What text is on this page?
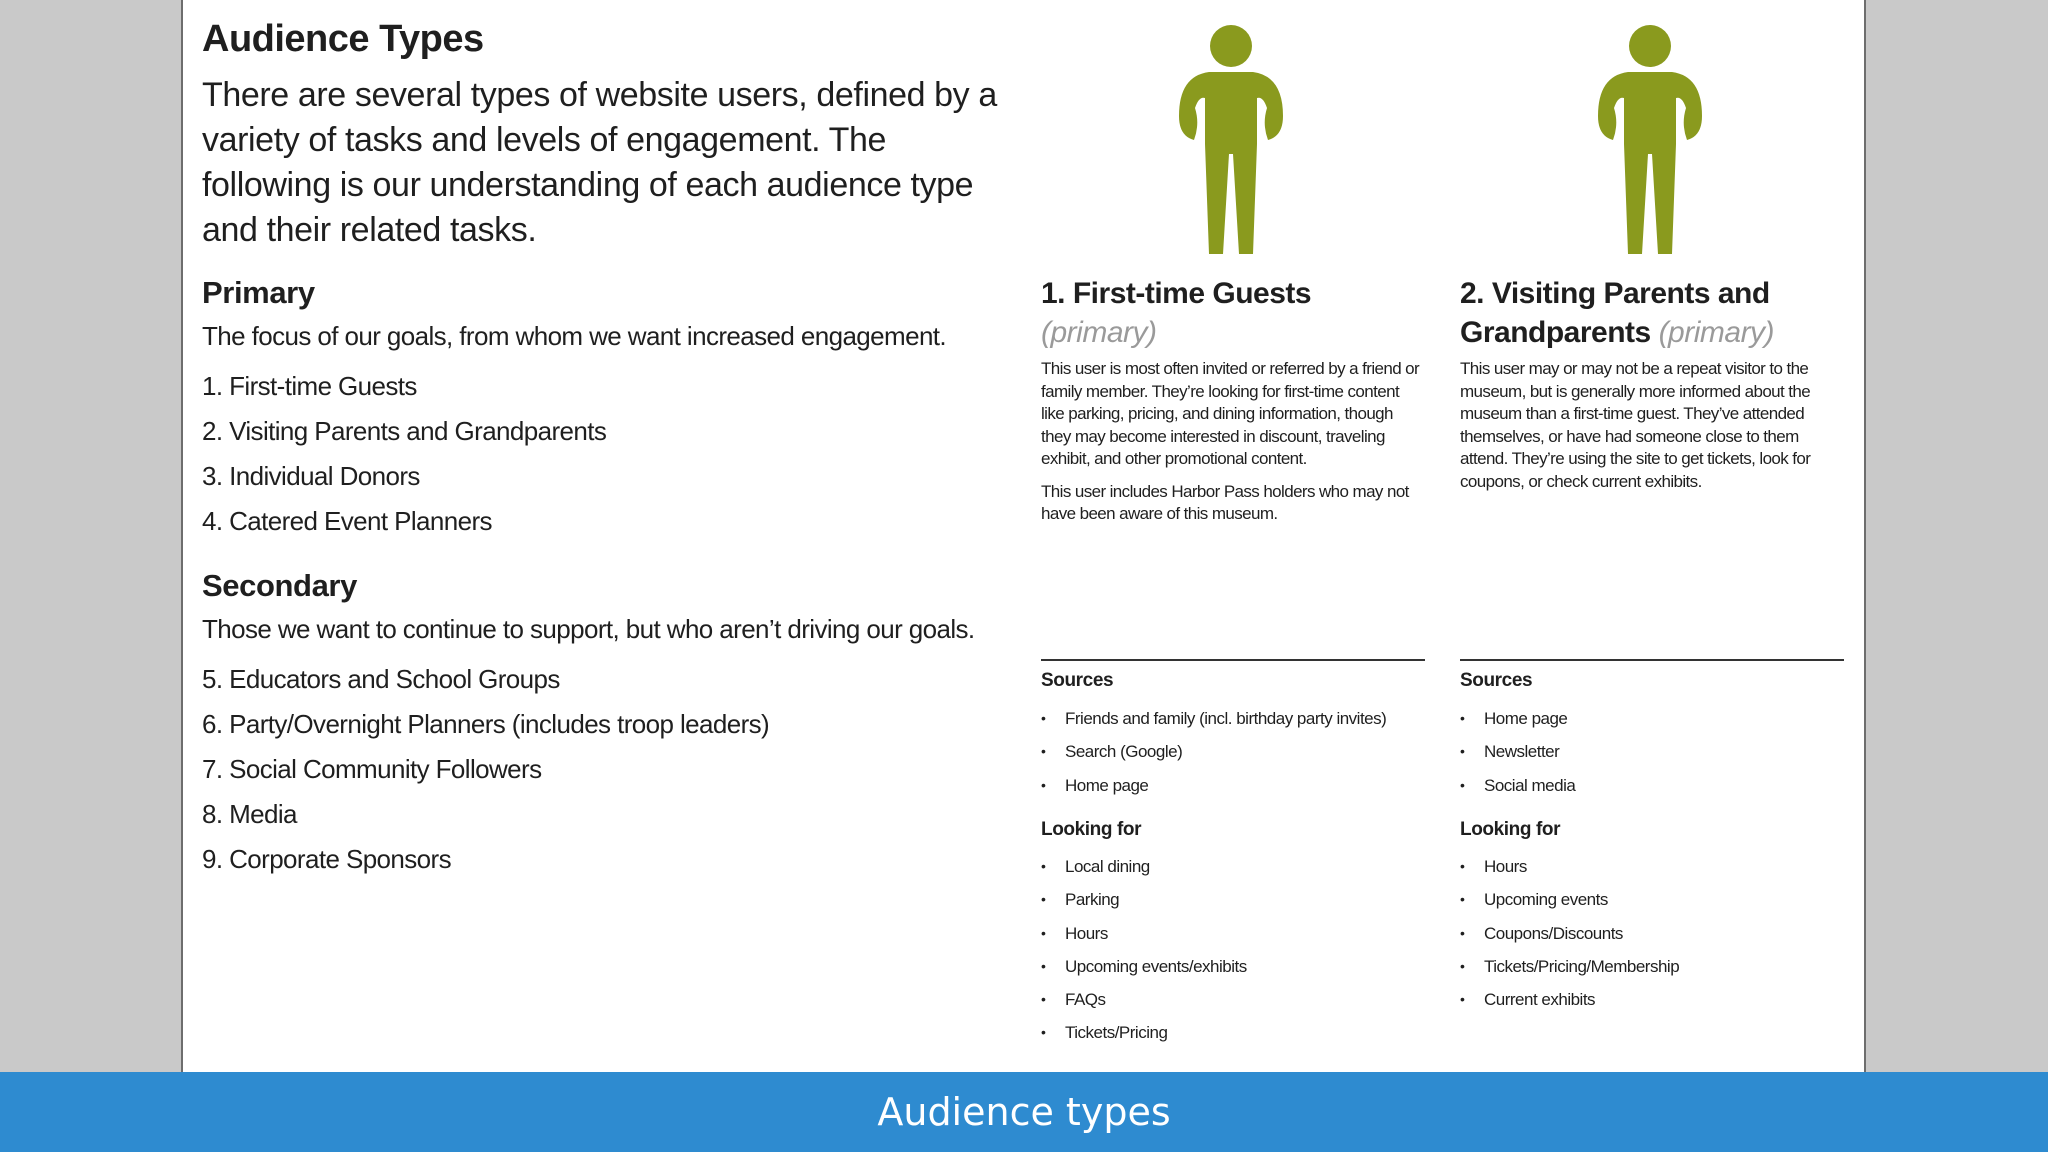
Audience Types
There are several types of website users, defined by a variety of tasks and levels of engagement. The following is our understanding of each audience type and their related tasks.
Primary
The focus of our goals, from whom we want increased engagement.
1. First-time Guests
2. Visiting Parents and Grandparents
3. Individual Donors
4. Catered Event Planners
Secondary
Those we want to continue to support, but who aren’t driving our goals.
5. Educators and School Groups
6. Party/Overnight Planners (includes troop leaders)
7. Social Community Followers
8. Media
9. Corporate Sponsors
1. First-time Guests
(primary)

This user is most often invited or referred by a friend or family member. They’re looking for first-time content like parking, pricing, and dining information, though they may become interested in discount, traveling exhibit, and other promotional content.

This user includes Harbor Pass holders who may not have been aware of this museum.

Sources
• Friends and family (incl. birthday party invites)
• Search (Google)
• Home page
Looking for
• Local dining
• Parking
• Hours
• Upcoming events/exhibits
• FAQs
• Tickets/Pricing
2. Visiting Parents and Grandparents (primary)

This user may or may not be a repeat visitor to the museum, but is generally more informed about the museum than a first-time guest. They’ve attended themselves, or have had someone close to them attend. They’re using the site to get tickets, look for coupons, or check current exhibits.

Sources
• Home page
• Newsletter
• Social media
Looking for
• Hours
• Upcoming events
• Coupons/Discounts
• Tickets/Pricing/Membership
• Current exhibits
Audience types
